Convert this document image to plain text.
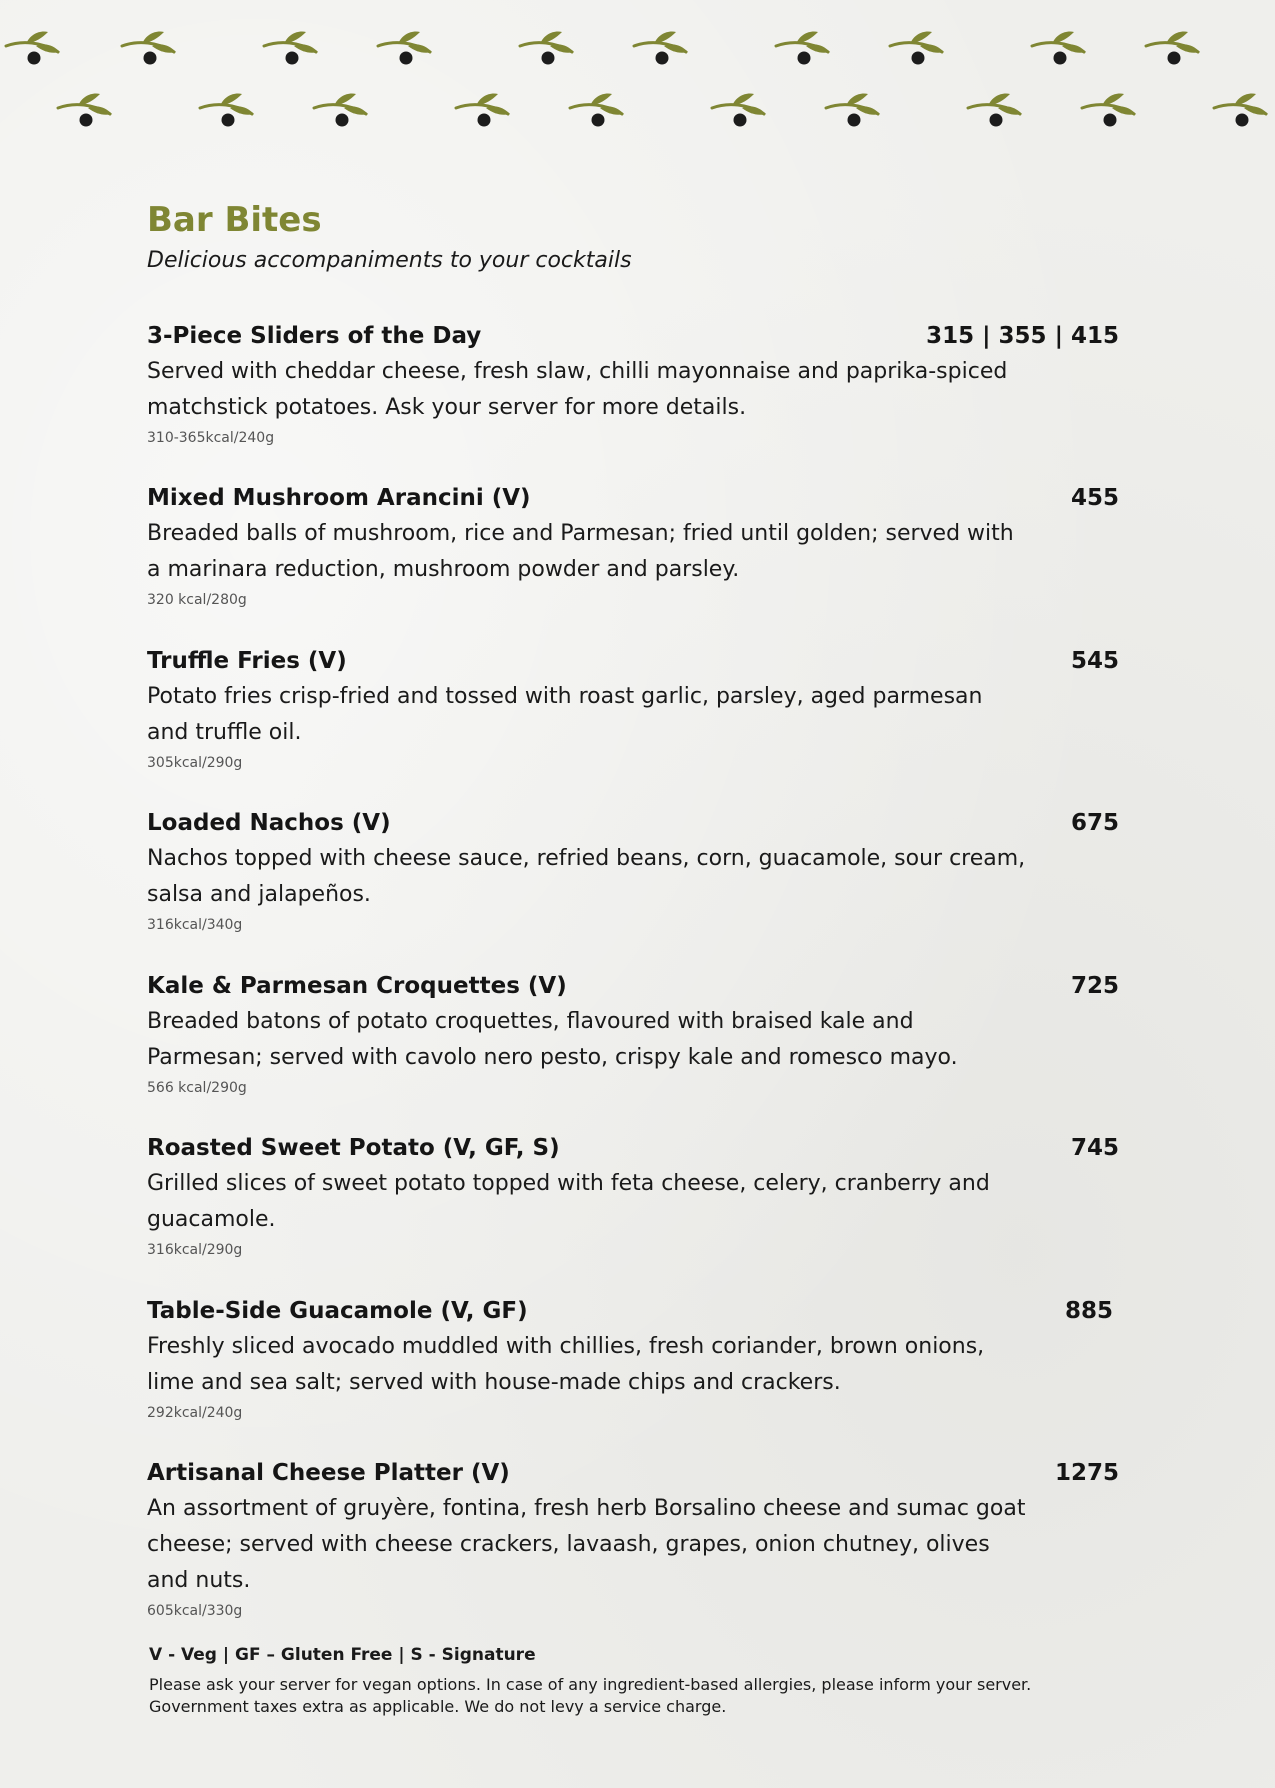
Bar Bites

Delicious accompaniments to your cocktails

3-Piece Sliders of the Day	315 | 355 | 415
Served with cheddar cheese, fresh slaw, chilli mayonnaise and paprika-spiced matchstick potatoes. Ask your server for more details.
310-365kcal/240g
Mixed Mushroom Arancini (V)	455
Breaded balls of mushroom, rice and Parmesan; fried until golden; served with a marinara reduction, mushroom powder and parsley.
320 kcal/280g
Truffle Fries (V)	545
Potato fries crisp-fried and tossed with roast garlic, parsley, aged parmesan and truffle oil.
305kcal/290g
Loaded Nachos (V)	675
Nachos topped with cheese sauce, refried beans, corn, guacamole, sour cream, salsa and jalapeños.
316kcal/340g
Kale & Parmesan Croquettes (V)	725
Breaded batons of potato croquettes, flavoured with braised kale and Parmesan; served with cavolo nero pesto, crispy kale and romesco mayo.
566 kcal/290g
Roasted Sweet Potato (V, GF, S)	745
Grilled slices of sweet potato topped with feta cheese, celery, cranberry and guacamole.
316kcal/290g
Table-Side Guacamole (V, GF)	885
Freshly sliced avocado muddled with chillies, fresh coriander, brown onions, lime and sea salt; served with house-made chips and crackers.
292kcal/240g
Artisanal Cheese Platter (V)	1275
An assortment of gruyère, fontina, fresh herb Borsalino cheese and sumac goat cheese; served with cheese crackers, lavaash, grapes, onion chutney, olives and nuts.
605kcal/330g
V - Veg | GF – Gluten Free | S - Signature
Please ask your server for vegan options. In case of any ingredient-based allergies, please inform your server. Government taxes extra as applicable. We do not levy a service charge.
